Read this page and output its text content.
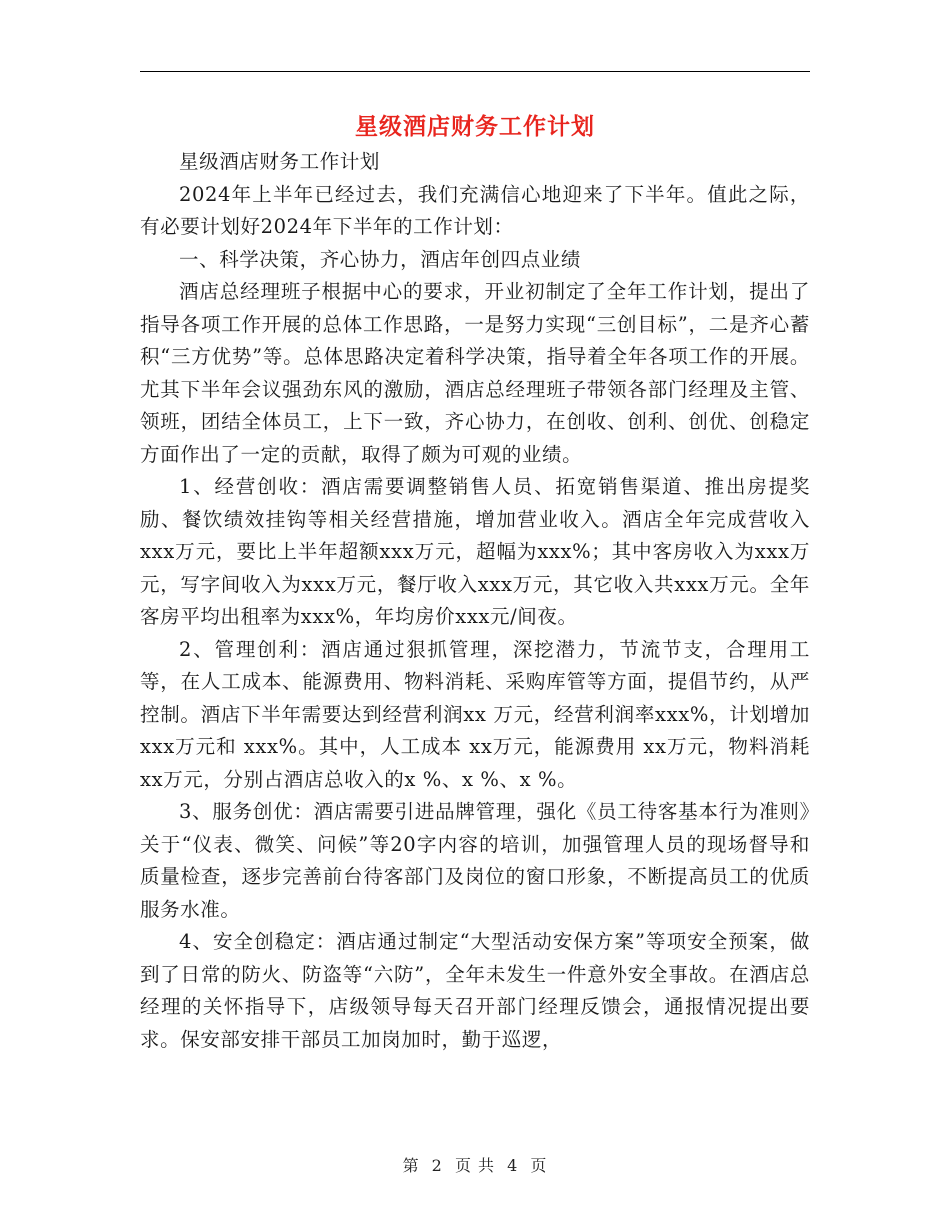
星级酒店财务工作计划

星级酒店财务工作计划

2024年上半年已经过去，我们充满信心地迎来了下半年。值此之际，有必要计划好2024年下半年的工作计划：

一、科学决策，齐心协力，酒店年创四点业绩

酒店总经理班子根据中心的要求，开业初制定了全年工作计划，提出了指导各项工作开展的总体工作思路，一是努力实现“三创目标”，二是齐心蓄积“三方优势”等。总体思路决定着科学决策，指导着全年各项工作的开展。尤其下半年会议强劲东风的激励，酒店总经理班子带领各部门经理及主管、领班，团结全体员工，上下一致，齐心协力，在创收、创利、创优、创稳定方面作出了一定的贡献，取得了颇为可观的业绩。

1、经营创收：酒店需要调整销售人员、拓宽销售渠道、推出房提奖励、餐饮绩效挂钩等相关经营措施，增加营业收入。酒店全年完成营收入xxx万元，要比上半年超额xxx万元，超幅为xxx%；其中客房收入为xxx万元，写字间收入为xxx万元，餐厅收入xxx万元，其它收入共xxx万元。全年客房平均出租率为xxx%，年均房价xxx元/间夜。

2、管理创利：酒店通过狠抓管理，深挖潜力，节流节支，合理用工等，在人工成本、能源费用、物料消耗、采购库管等方面，提倡节约，从严控制。酒店下半年需要达到经营利润xx 万元，经营利润率xxx%，计划增加 xxx万元和 xxx%。其中，人工成本 xx万元，能源费用 xx万元，物料消耗xx万元，分别占酒店总收入的x %、x %、x %。

3、服务创优：酒店需要引进品牌管理，强化《员工待客基本行为准则》关于“仪表、微笑、问候”等20字内容的培训，加强管理人员的现场督导和质量检查，逐步完善前台待客部门及岗位的窗口形象，不断提高员工的优质服务水准。

4、安全创稳定：酒店通过制定“大型活动安保方案”等项安全预案，做到了日常的防火、防盗等“六防”，全年未发生一件意外安全事故。在酒店总经理的关怀指导下，店级领导每天召开部门经理反馈会，通报情况提出要求。保安部安排干部员工加岗加时，勤于巡逻，

第 2 页 共 4 页
